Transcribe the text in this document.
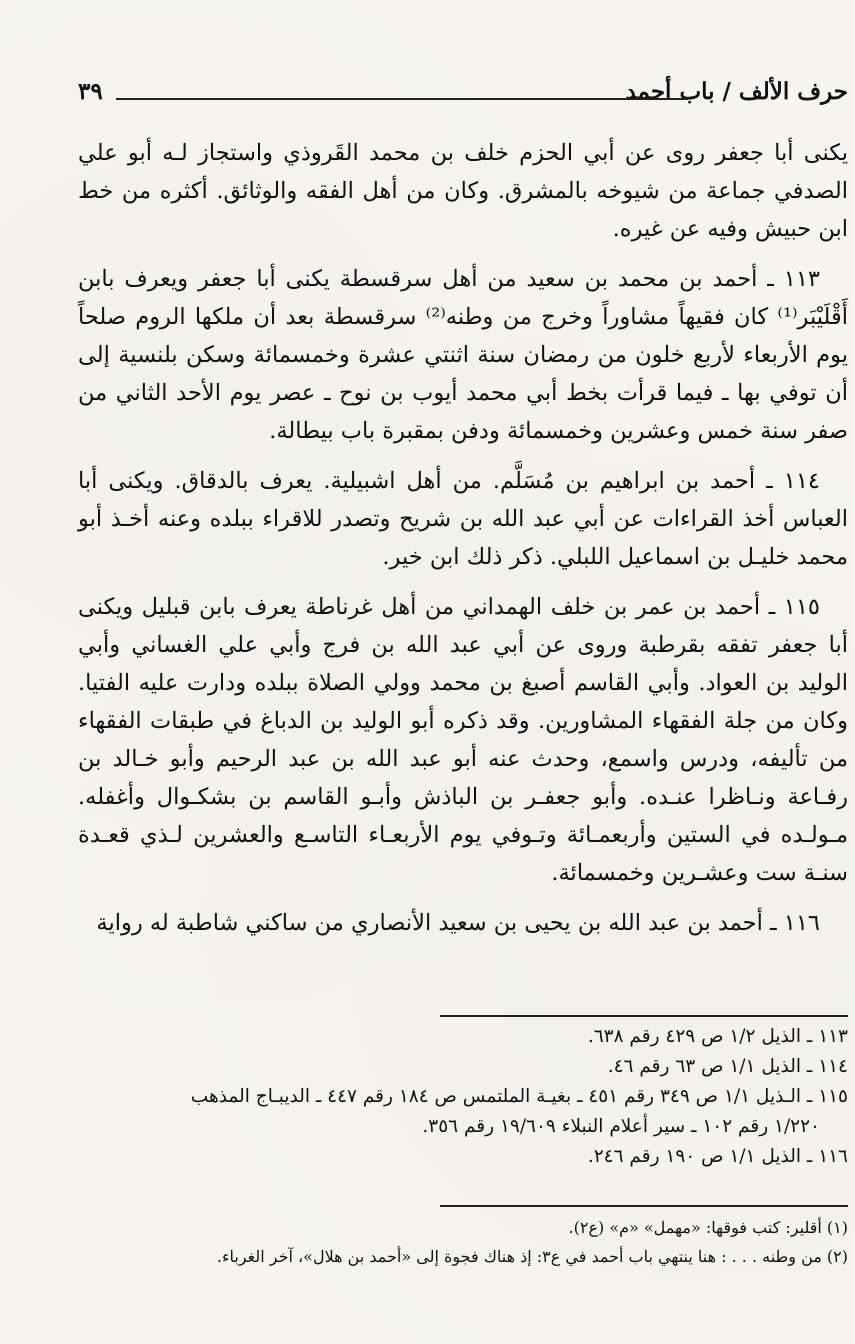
حرف الألف / باب أحمد
٣٩

يكنى أبا جعفر روى عن أبي الحزم خلف بن محمد القَروذي واستجاز لـه أبو علي الصدفي جماعة من شيوخه بالمشرق. وكان من أهل الفقه والوثائق. أكثره من خط ابن حبيش وفيه عن غيره.

١١٣ ـ أحمد بن محمد بن سعيد من أهل سرقسطة يكنى أبا جعفر ويعرف بابن أَقْلَيْبَر⁽¹⁾ كان فقيهاً مشاوراً وخرج من وطنه⁽²⁾ سرقسطة بعد أن ملكها الروم صلحاً يوم الأربعاء لأربع خلون من رمضان سنة اثنتي عشرة وخمسمائة وسكن بلنسية إلى أن توفي بها ـ فيما قرأت بخط أبي محمد أيوب بن نوح ـ عصر يوم الأحد الثاني من صفر سنة خمس وعشرين وخمسمائة ودفن بمقبرة باب بيطالة.

١١٤ ـ أحمد بن ابراهيم بن مُسَلَّم. من أهل اشبيلية. يعرف بالدقاق. ويكنى أبا العباس أخذ القراءات عن أبي عبد الله بن شريح وتصدر للاقراء ببلده وعنه أخـذ أبو محمد خليـل بن اسماعيل اللبلي. ذكر ذلك ابن خير.

١١٥ ـ أحمد بن عمر بن خلف الهمداني من أهل غرناطة يعرف بابن قبليل ويكنى أبا جعفر تفقه بقرطبة وروى عن أبي عبد الله بن فرج وأبي علي الغساني وأبي الوليد بن العواد. وأبي القاسم أصبغ بن محمد وولي الصلاة ببلده ودارت عليه الفتيا. وكان من جلة الفقهاء المشاورين. وقد ذكره أبو الوليد بن الدباغ في طبقات الفقهاء من تأليفه، ودرس واسمع، وحدث عنه أبو عبد الله بن عبد الرحيم وأبو خـالد بن رفـاعة ونـاظرا عنـده. وأبو جعفـر بن الباذش وأبـو القاسم بن بشكـوال وأغفله. مـولـده في الستين وأربعمـائة وتـوفي يوم الأربعـاء التاسـع والعشرين لـذي قعـدة سنـة ست وعشـرين وخمسمائة.

١١٦ ـ أحمد بن عبد الله بن يحيى بن سعيد الأنصاري من ساكني شاطبة له رواية

١١٣ ـ الذيل ١/٢ ص ٤٢٩ رقم ٦٣٨.

١١٤ ـ الذيل ١/١ ص ٦٣ رقم ٤٦.

١١٥ ـ الـذيل ١/١ ص ٣٤٩ رقم ٤٥١ ـ بغيـة الملتمس ص ١٨٤ رقم ٤٤٧ ـ الديبـاج المذهب

١/٢٢٠ رقم ١٠٢ ـ سير أعلام النبلاء ١٩/٦٠٩ رقم ٣٥٦.

١١٦ ـ الذيل ١/١ ص ١٩٠ رقم ٢٤٦.

(١) أقلير: كتب فوقها: «مهمل» «م» (ع٢).

(٢) من وطنه . . . : هنا ينتهي باب أحمد في ع٣: إذ هناك فجوة إلى «أحمد بن هلال»، آخر الغرباء.
